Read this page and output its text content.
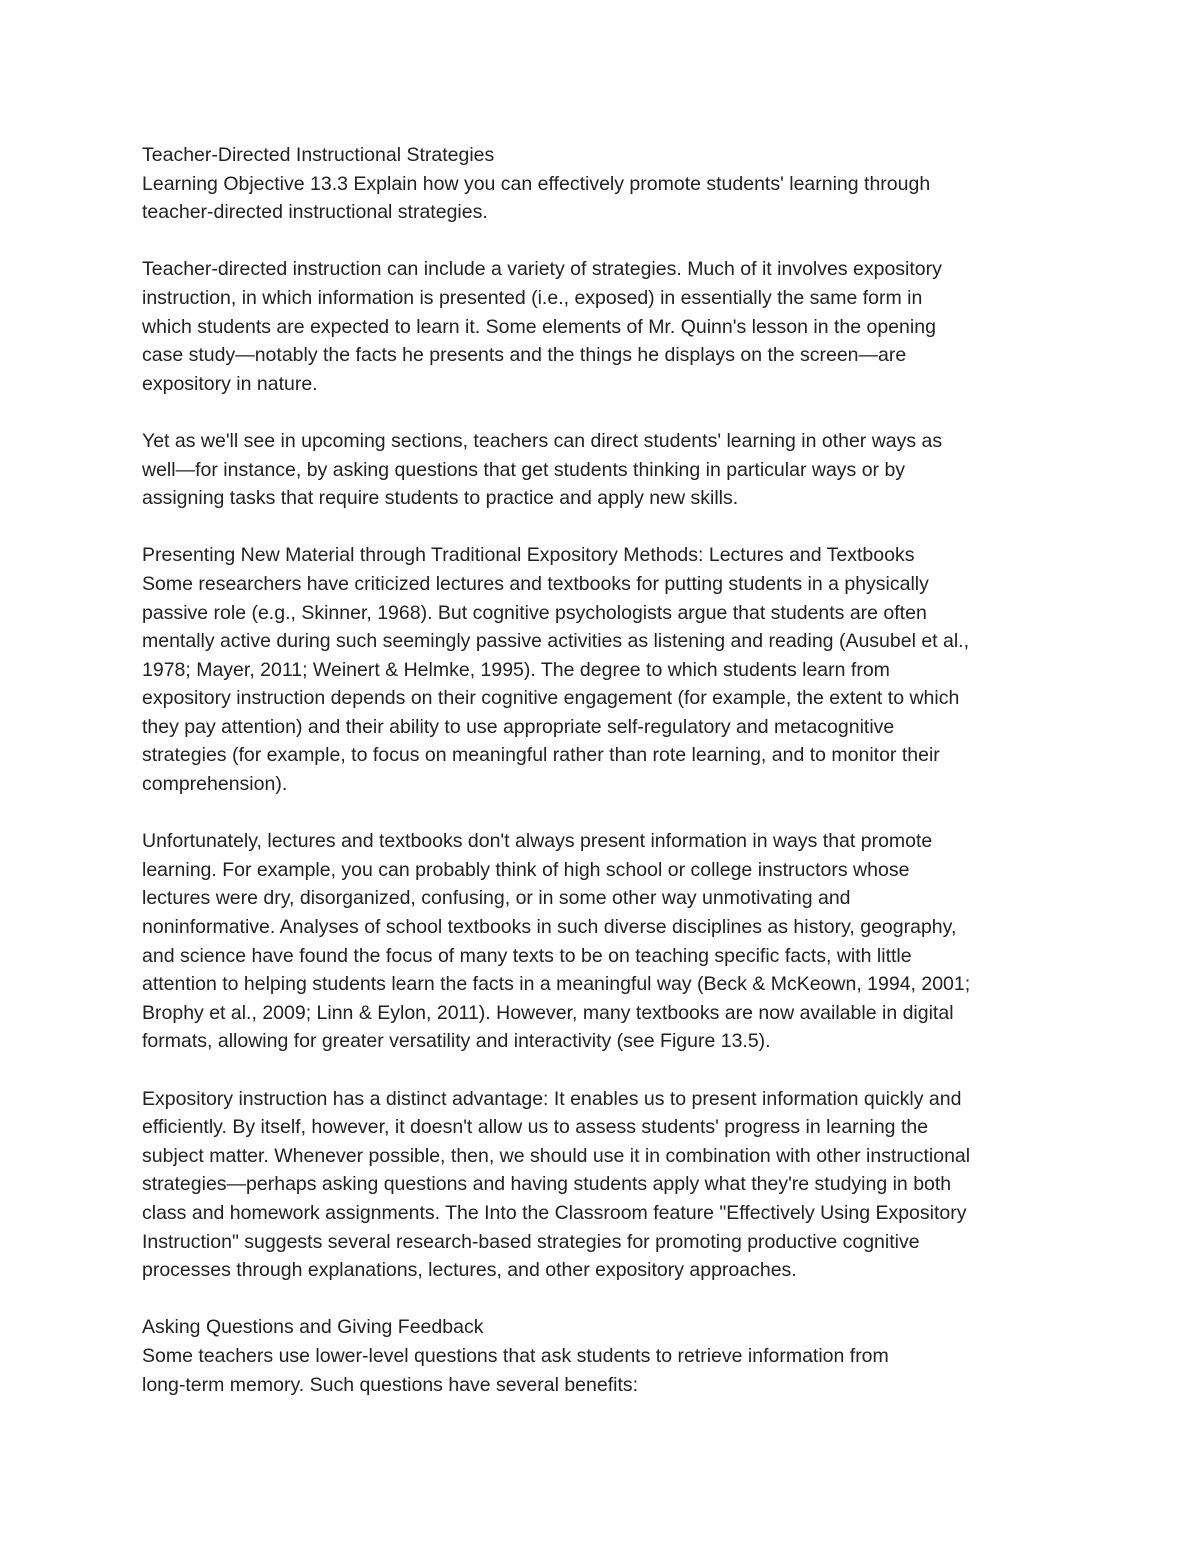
Teacher-Directed Instructional Strategies

Learning Objective 13.3 Explain how you can effectively promote students' learning through
teacher-directed instructional strategies.

Teacher-directed instruction can include a variety of strategies. Much of it involves expository
instruction, in which information is presented (i.e., exposed) in essentially the same form in
which students are expected to learn it. Some elements of Mr. Quinn's lesson in the opening
case study—notably the facts he presents and the things he displays on the screen—are
expository in nature.

Yet as we'll see in upcoming sections, teachers can direct students' learning in other ways as
well—for instance, by asking questions that get students thinking in particular ways or by
assigning tasks that require students to practice and apply new skills.

Presenting New Material through Traditional Expository Methods: Lectures and Textbooks

Some researchers have criticized lectures and textbooks for putting students in a physically
passive role (e.g., Skinner, 1968). But cognitive psychologists argue that students are often
mentally active during such seemingly passive activities as listening and reading (Ausubel et al.,
1978; Mayer, 2011; Weinert & Helmke, 1995). The degree to which students learn from
expository instruction depends on their cognitive engagement (for example, the extent to which
they pay attention) and their ability to use appropriate self-regulatory and metacognitive
strategies (for example, to focus on meaningful rather than rote learning, and to monitor their
comprehension).

Unfortunately, lectures and textbooks don't always present information in ways that promote
learning. For example, you can probably think of high school or college instructors whose
lectures were dry, disorganized, confusing, or in some other way unmotivating and
noninformative. Analyses of school textbooks in such diverse disciplines as history, geography,
and science have found the focus of many texts to be on teaching specific facts, with little
attention to helping students learn the facts in a meaningful way (Beck & McKeown, 1994, 2001;
Brophy et al., 2009; Linn & Eylon, 2011). However, many textbooks are now available in digital
formats, allowing for greater versatility and interactivity (see Figure 13.5).

Expository instruction has a distinct advantage: It enables us to present information quickly and
efficiently. By itself, however, it doesn't allow us to assess students' progress in learning the
subject matter. Whenever possible, then, we should use it in combination with other instructional
strategies—perhaps asking questions and having students apply what they're studying in both
class and homework assignments. The Into the Classroom feature "Effectively Using Expository
Instruction" suggests several research-based strategies for promoting productive cognitive
processes through explanations, lectures, and other expository approaches.

Asking Questions and Giving Feedback

Some teachers use lower-level questions that ask students to retrieve information from
long-term memory. Such questions have several benefits:
